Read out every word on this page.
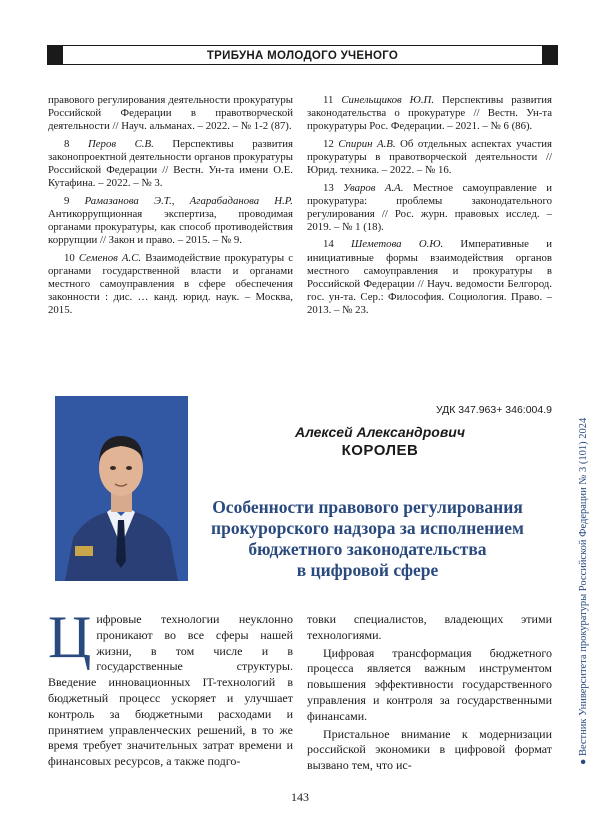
ТРИБУНА МОЛОДОГО УЧЕНОГО

правового регулирования деятельности прокуратуры Российской Федерации в правотворческой деятельности // Науч. альманах. – 2022. – № 1-2 (87).

8 Перов С.В. Перспективы развития законопроектной деятельности органов прокуратуры Российской Федерации // Вестн. Ун-та имени О.Е. Кутафина. – 2022. – № 3.

9 Рамазанова Э.Т., Агарабаданова Н.Р. Антикоррупционная экспертиза, проводимая органами прокуратуры, как способ противодействия коррупции // Закон и право. – 2015. – № 9.

10 Семенов А.С. Взаимодействие прокуратуры с органами государственной власти и органами местного самоуправления в сфере обеспечения законности : дис. … канд. юрид. наук. – Москва, 2015.

11 Синельщиков Ю.П. Перспективы развития законодательства о прокуратуре // Вестн. Ун-та прокуратуры Рос. Федерации. – 2021. – № 6 (86).

12 Спирин А.В. Об отдельных аспектах участия прокуратуры в правотворческой деятельности // Юрид. техника. – 2022. – № 16.

13 Уваров А.А. Местное самоуправление и прокуратура: проблемы законодательного регулирования // Рос. журн. правовых исслед. – 2019. – № 1 (18).

14 Шеметова О.Ю. Императивные и инициативные формы взаимодействия органов местного самоуправления и прокуратуры в Российской Федерации // Науч. ведомости Белгород. гос. ун-та. Сер.: Философия. Социология. Право. – 2013. – № 23.

УДК 347.963+ 346:004.9
Алексей Александрович
КОРОЛЕВ
Особенности правового регулирования
прокурорского надзора за исполнением
бюджетного законодательства
в цифровой сфере

Цифровые технологии неуклонно проникают во все сферы нашей жизни, в том числе и в государственные структуры. Введение инновационных IT-технологий в бюджетный процесс ускоряет и улучшает контроль за бюджетными расходами и принятием управленческих решений, в то же время требует значительных затрат времени и финансовых ресурсов, а также подго-

товки специалистов, владеющих этими технологиями.

Цифровая трансформация бюджетного процесса является важным инструментом повышения эффективности государственного управления и контроля за государственными финансами.

Пристальное внимание к модернизации российской экономики в цифровой формат вызвано тем, что ис-

143
● Вестник Университета прокуратуры Российской Федерации № 3 (101) 2024
